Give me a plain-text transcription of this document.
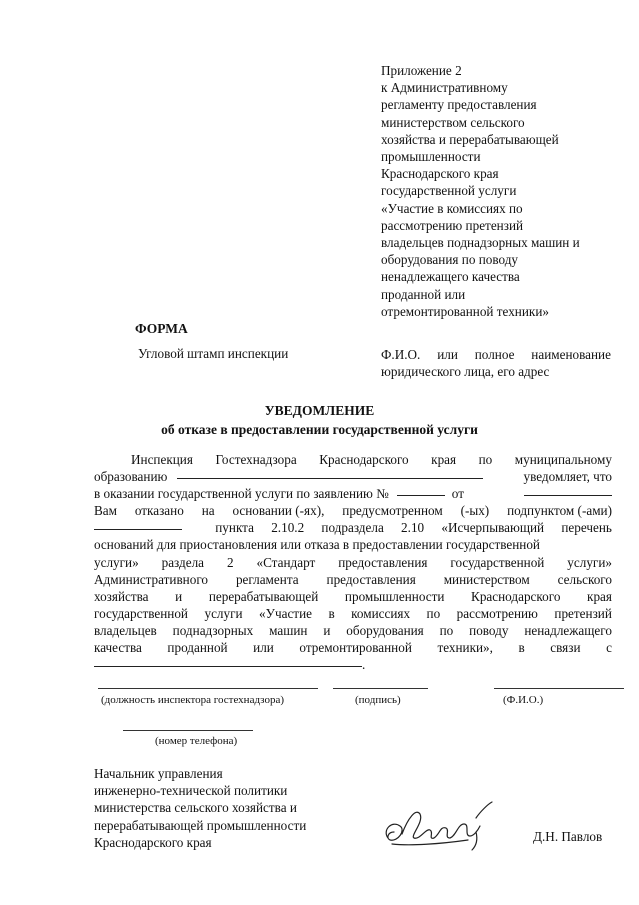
Приложение 2
к Административному
регламенту предоставления
министерством сельского
хозяйства и перерабатывающей
промышленности
Краснодарского края
государственной услуги
«Участие в комиссиях по
рассмотрению претензий
владельцев поднадзорных машин и
оборудования по поводу
ненадлежащего качества
проданной или
отремонтированной техники»
ФОРМА
Угловой штамп инспекции	Ф.И.О. или полное наименование
юридического лица, его адрес
УВЕДОМЛЕНИЕ
об отказе в предоставлении государственной услуги
Инспекция Гостехнадзора Краснодарского края по муниципальному
образованию	уведомляет, что
в оказании государственной услуги по заявлению №	от
Вам отказано на основании (-ях), предусмотренном (-ых) подпунктом (-ами)
пункта 2.10.2 подраздела 2.10 «Исчерпывающий перечень
оснований для приостановления или отказа в предоставлении государственной
услуги» раздела 2 «Стандарт предоставления государственной услуги»
Административного регламента предоставления министерством сельского
хозяйства и перерабатывающей промышленности Краснодарского края
государственной услуги «Участие в комиссиях по рассмотрению претензий
владельцев поднадзорных машин и оборудования по поводу ненадлежащего
качества проданной или отремонтированной техники», в связи с
.
(должность инспектора гостехнадзора)	(подпись)	(Ф.И.О.)
(номер телефона)
Начальник управления
инженерно-технической политики
министерства сельского хозяйства и
перерабатывающей промышленности
Краснодарского края	Д.Н. Павлов
